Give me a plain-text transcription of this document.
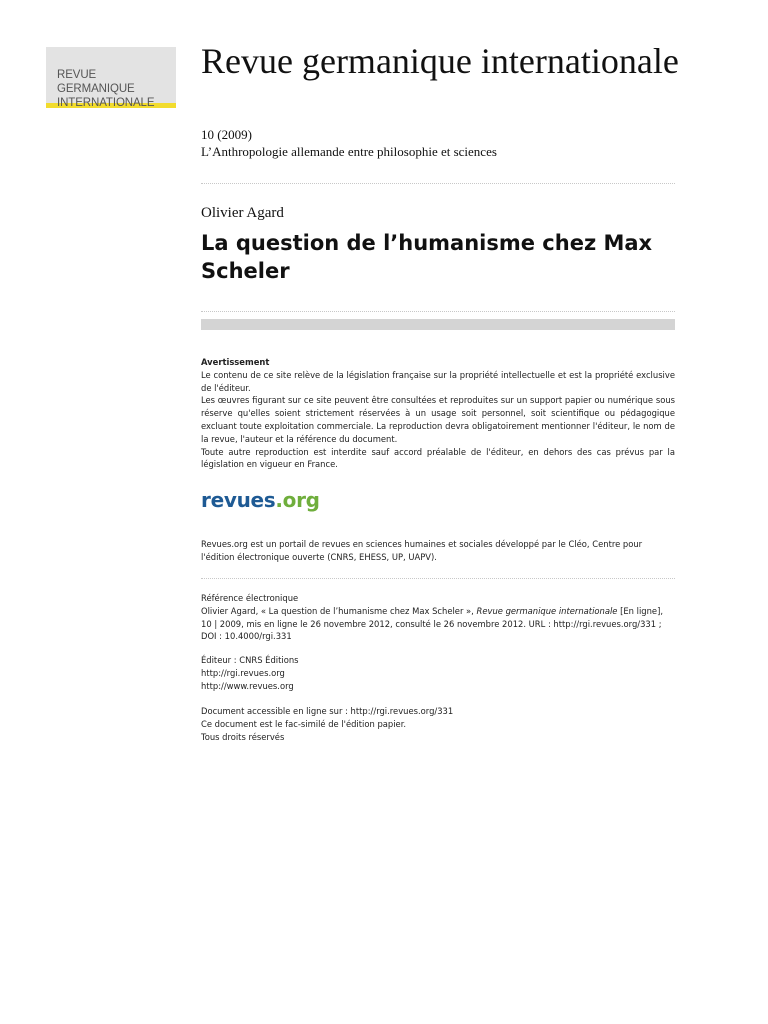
REVUE GERMANIQUE
INTERNATIONALE
Revue germanique internationale
10 (2009)
L’Anthropologie allemande entre philosophie et sciences
Olivier Agard
La question de l’humanisme chez Max Scheler

Avertissement

Le contenu de ce site relève de la législation française sur la propriété intellectuelle et est la propriété exclusive de l'éditeur.

Les œuvres figurant sur ce site peuvent être consultées et reproduites sur un support papier ou numérique sous réserve qu'elles soient strictement réservées à un usage soit personnel, soit scientifique ou pédagogique excluant toute exploitation commerciale. La reproduction devra obligatoirement mentionner l'éditeur, le nom de la revue, l'auteur et la référence du document.

Toute autre reproduction est interdite sauf accord préalable de l'éditeur, en dehors des cas prévus par la législation en vigueur en France.

revues.org

Revues.org est un portail de revues en sciences humaines et sociales développé par le Cléo, Centre pour l'édition électronique ouverte (CNRS, EHESS, UP, UAPV).

Référence électronique

Olivier Agard, « La question de l’humanisme chez Max Scheler », Revue germanique internationale [En ligne], 10 | 2009, mis en ligne le 26 novembre 2012, consulté le 26 novembre 2012. URL : http://rgi.revues.org/331 ; DOI : 10.4000/rgi.331

Éditeur : CNRS Éditions

http://rgi.revues.org

http://www.revues.org

Document accessible en ligne sur : http://rgi.revues.org/331

Ce document est le fac-similé de l'édition papier.

Tous droits réservés
